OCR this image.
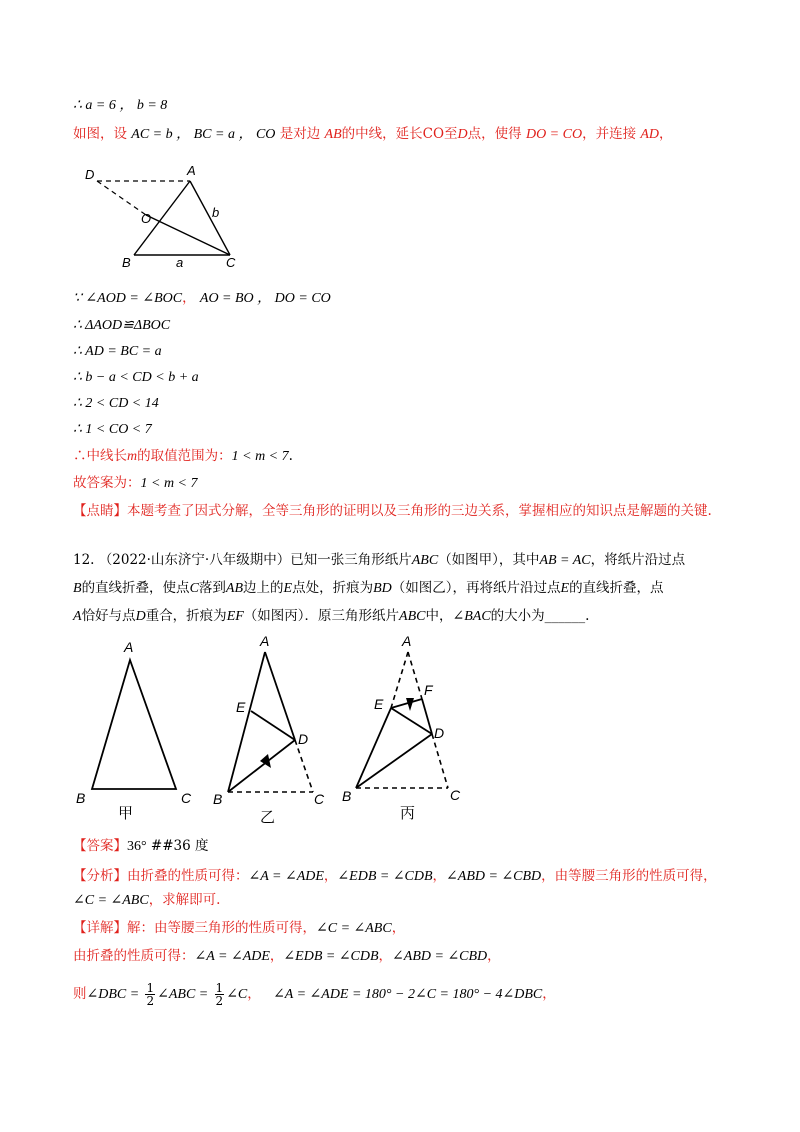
∴ a = 6 ， b = 8
如图，设 AC = b ， BC = a ， CO 是对边 AB的中线，延长CO至D点，使得 DO = CO，并连接 AD，
D	A
O	b
B	a	C
∵ ∠AOD = ∠BOC， AO = BO ， DO = CO
∴ ΔAOD≌ΔBOC
∴ AD = BC = a
∴ b − a < CD < b + a
∴ 2 < CD < 14
∴ 1 < CO < 7
∴中线长m的取值范围为：1 < m < 7.
故答案为：1 < m < 7
【点睛】本题考查了因式分解，全等三角形的证明以及三角形的三边关系，掌握相应的知识点是解题的关键.
12. （2022·山东济宁·八年级期中）已知一张三角形纸片ABC（如图甲），其中AB = AC，将纸片沿过点
B的直线折叠，使点C落到AB边上的E点处，折痕为BD（如图乙），再将纸片沿过点E的直线折叠，点
A恰好与点D重合，折痕为EF（如图丙）．原三角形纸片ABC中，∠BAC的大小为______.
A
B	C
甲
A
E
D
B	C
乙
A
E
F
D
B	C
丙
【答案】36° ##36 度
【分析】由折叠的性质可得：∠A = ∠ADE，∠EDB = ∠CDB，∠ABD = ∠CBD，由等腰三角形的性质可得，
∠C = ∠ABC，求解即可.
【详解】解：由等腰三角形的性质可得，∠C = ∠ABC，
由折叠的性质可得：∠A = ∠ADE，∠EDB = ∠CDB，∠ABD = ∠CBD，
则∠DBC = $\frac{1}{2}$ ∠ABC = $\frac{1}{2}$ ∠C， ∠A = ∠ADE = 180° − 2∠C = 180° − 4∠DBC，
